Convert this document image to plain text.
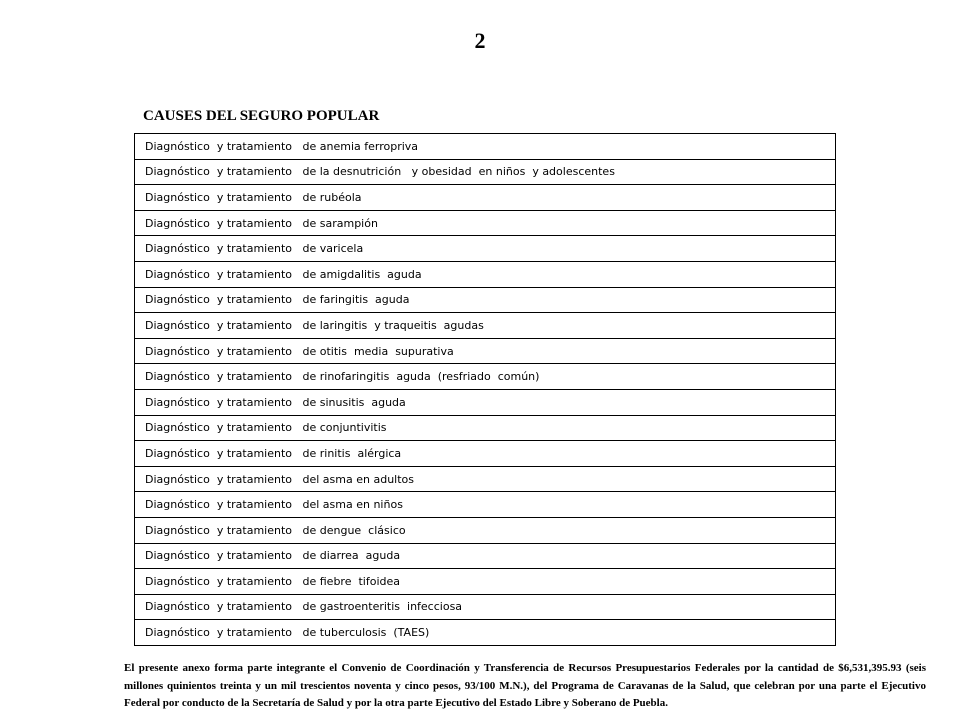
2
CAUSES DEL SEGURO POPULAR
Diagnóstico  y tratamiento   de anemia ferropriva
Diagnóstico  y tratamiento   de la desnutrición   y obesidad  en niños  y adolescentes
Diagnóstico  y tratamiento   de rubéola
Diagnóstico  y tratamiento   de sarampión
Diagnóstico  y tratamiento   de varicela
Diagnóstico  y tratamiento   de amigdalitis  aguda
Diagnóstico  y tratamiento   de faringitis  aguda
Diagnóstico  y tratamiento   de laringitis  y traqueitis  agudas
Diagnóstico  y tratamiento   de otitis  media  supurativa
Diagnóstico  y tratamiento   de rinofaringitis  aguda  (resfriado  común)
Diagnóstico  y tratamiento   de sinusitis  aguda
Diagnóstico  y tratamiento   de conjuntivitis
Diagnóstico  y tratamiento   de rinitis  alérgica
Diagnóstico  y tratamiento   del asma en adultos
Diagnóstico  y tratamiento   del asma en niños
Diagnóstico  y tratamiento   de dengue  clásico
Diagnóstico  y tratamiento   de diarrea  aguda
Diagnóstico  y tratamiento   de fiebre  tifoidea
Diagnóstico  y tratamiento   de gastroenteritis  infecciosa
Diagnóstico  y tratamiento   de tuberculosis  (TAES)

El presente anexo forma parte integrante el Convenio de Coordinación y Transferencia de Recursos Presupuestarios Federales por la cantidad de $6,531,395.93 (seis millones quinientos treinta y un mil trescientos noventa y cinco pesos, 93/100 M.N.), del Programa de Caravanas de la Salud, que celebran por una parte el Ejecutivo Federal por conducto de la Secretaría de Salud y por la otra parte Ejecutivo del Estado Libre y Soberano de Puebla.
